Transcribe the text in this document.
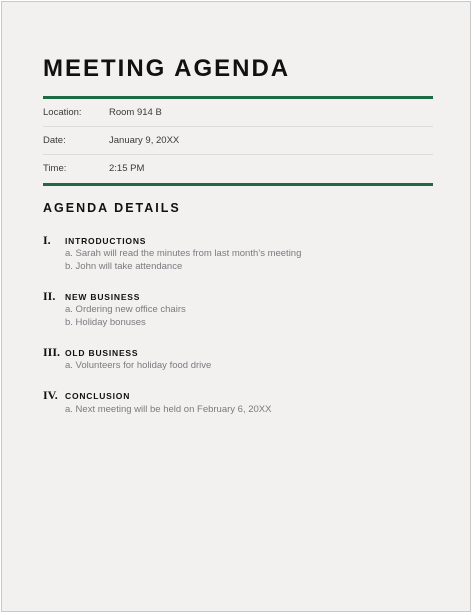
MEETING AGENDA
Location:	Room 914 B
Date:	January 9, 20XX
Time:	2:15 PM
AGENDA DETAILS
I. INTRODUCTIONS
a. Sarah will read the minutes from last month’s meeting
b. John will take attendance
II. NEW BUSINESS
a. Ordering new office chairs
b. Holiday bonuses
III. OLD BUSINESS
a. Volunteers for holiday food drive
IV. CONCLUSION
a. Next meeting will be held on February 6, 20XX
